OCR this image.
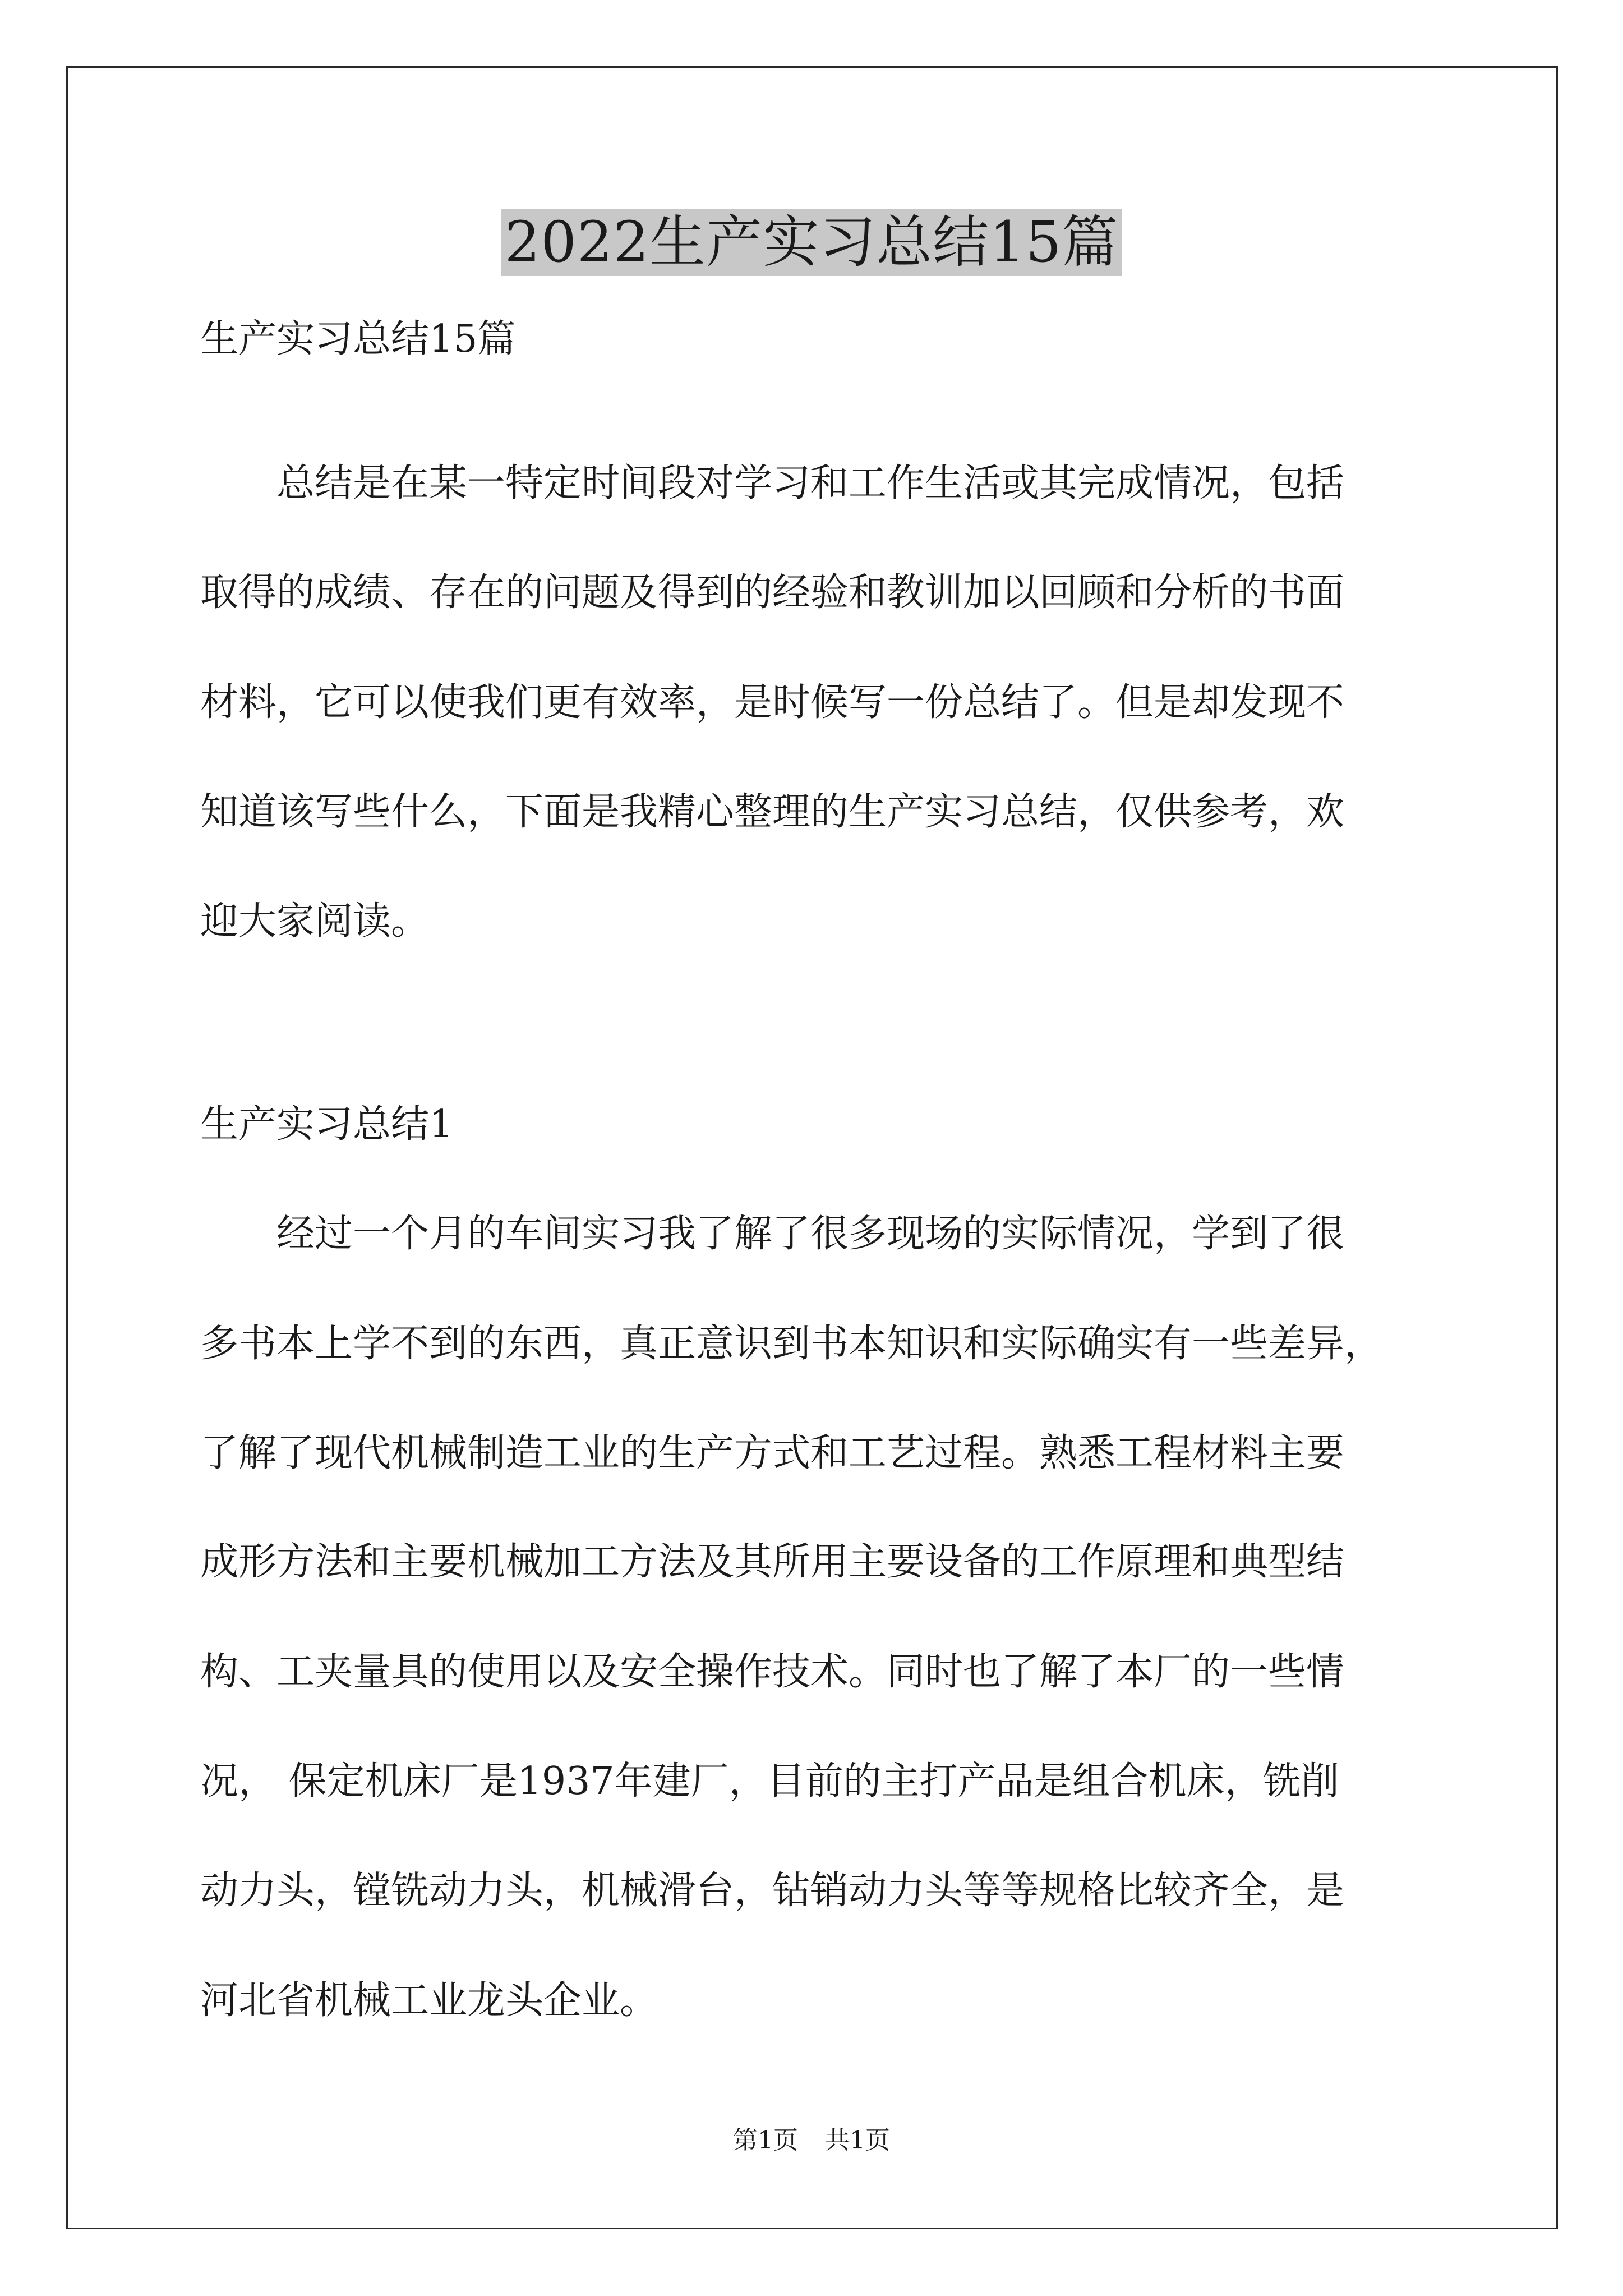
2022生产实习总结15篇
生产实习总结15篇
　　总结是在某一特定时间段对学习和工作生活或其完成情况，包括
取得的成绩、存在的问题及得到的经验和教训加以回顾和分析的书面
材料，它可以使我们更有效率，是时候写一份总结了。但是却发现不
知道该写些什么，下面是我精心整理的生产实习总结，仅供参考，欢
迎大家阅读。
生产实习总结1
　　经过一个月的车间实习我了解了很多现场的实际情况，学到了很
多书本上学不到的东西，真正意识到书本知识和实际确实有一些差异，
了解了现代机械制造工业的生产方式和工艺过程。熟悉工程材料主要
成形方法和主要机械加工方法及其所用主要设备的工作原理和典型结
构、工夹量具的使用以及安全操作技术。同时也了解了本厂的一些情
况， 保定机床厂是1937年建厂，目前的主打产品是组合机床，铣削
动力头，镗铣动力头，机械滑台，钻销动力头等等规格比较齐全，是
河北省机械工业龙头企业。
第1页 共1页
